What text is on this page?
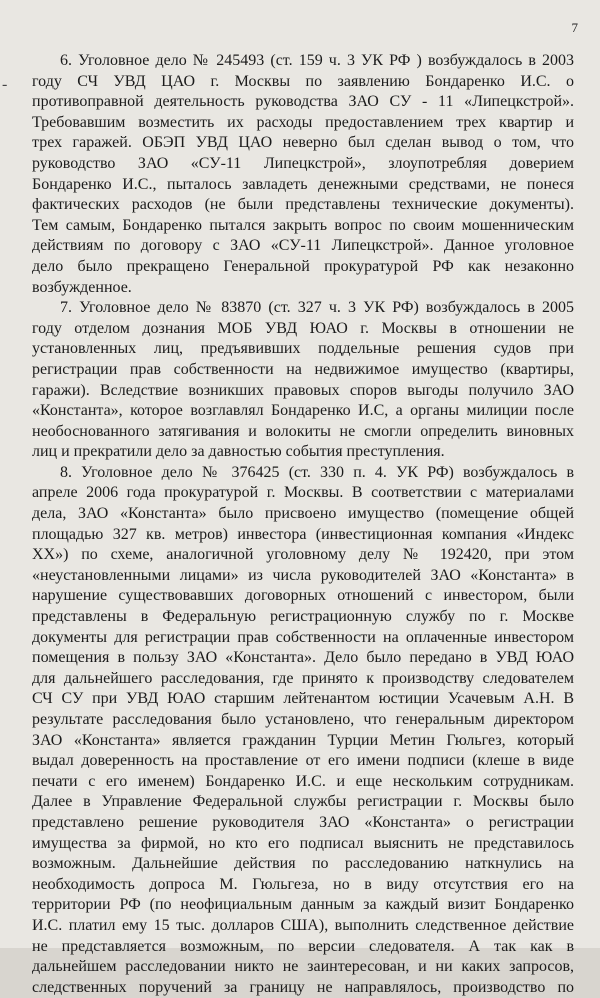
7
-

6. Уголовное дело № 245493 (ст. 159 ч. 3 УК РФ ) возбуждалось в 2003

году СЧ УВД ЦАО г. Москвы по заявлению Бондаренко И.С. о

противоправной деятельность руководства ЗАО СУ - 11 «Липецкстрой».

Требовавшим возместить их расходы предоставлением трех квартир и

трех гаражей. ОБЭП УВД ЦАО неверно был сделан вывод о том, что

руководство ЗАО «СУ-11 Липецкстрой», злоупотребляя доверием

Бондаренко И.С., пыталось завладеть денежными средствами, не понеся

фактических расходов (не были представлены технические документы).

Тем самым, Бондаренко пытался закрыть вопрос по своим мошенническим

действиям по договору с ЗАО «СУ-11 Липецкстрой». Данное уголовное

дело было прекращено Генеральной прокуратурой РФ как незаконно

возбужденное.

7. Уголовное дело № 83870 (ст. 327 ч. 3 УК РФ) возбуждалось в 2005

году отделом дознания МОБ УВД ЮАО г. Москвы в отношении не

установленных лиц, предъявивших поддельные решения судов при

регистрации прав собственности на недвижимое имущество (квартиры,

гаражи). Вследствие возникших правовых споров выгоды получило ЗАО

«Константа», которое возглавлял Бондаренко И.С, а органы милиции после

необоснованного затягивания и волокиты не смогли определить виновных

лиц и прекратили дело за давностью события преступления.

8. Уголовное дело № 376425 (ст. 330 п. 4. УК РФ) возбуждалось в

апреле 2006 года прокуратурой г. Москвы. В соответствии с материалами

дела, ЗАО «Константа» было присвоено имущество (помещение общей

площадью 327 кв. метров) инвестора (инвестиционная компания «Индекс

XX») по схеме, аналогичной уголовному делу № 192420, при этом

«неустановленными лицами» из числа руководителей ЗАО «Константа» в

нарушение существовавших договорных отношений с инвестором, были

представлены в Федеральную регистрационную службу по г. Москве

документы для регистрации прав собственности на оплаченные инвестором

помещения в пользу ЗАО «Константа». Дело было передано в УВД ЮАО

для дальнейшего расследования, где принято к производству следователем

СЧ СУ при УВД ЮАО старшим лейтенантом юстиции Усачевым А.Н. В

результате расследования было установлено, что генеральным директором

ЗАО «Константа» является гражданин Турции Метин Гюльгез, который

выдал доверенность на проставление от его имени подписи (клеше в виде

печати с его именем) Бондаренко И.С. и еще нескольким сотрудникам.

Далее в Управление Федеральной службы регистрации г. Москвы было

представлено решение руководителя ЗАО «Константа» о регистрации

имущества за фирмой, но кто его подписал выяснить не представилось

возможным. Дальнейшие действия по расследованию наткнулись на

необходимость допроса М. Гюльгеза, но в виду отсутствия его на

территории РФ (по неофициальным данным за каждый визит Бондаренко

И.С. платил ему 15 тыс. долларов США), выполнить следственное действие

не представляется возможным, по версии следователя. А так как в

дальнейшем расследовании никто не заинтересован, и ни каких запросов,

следственных поручений за границу не направлялось, производство по
